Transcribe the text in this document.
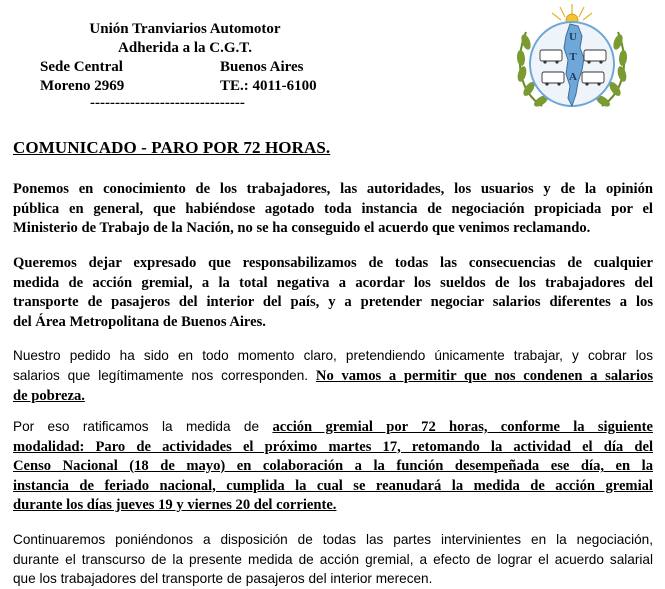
Unión Tranviarios Automotor
Adherida a la C.G.T.
Sede Central	Buenos Aires
Moreno 2969	TE.: 4011-6100
-------------------------------
U
T
A
COMUNICADO - PARO POR 72 HORAS.
Ponemos en conocimiento de los trabajadores, las autoridades, los usuarios y de la opinión
pública en general, que habiéndose agotado toda instancia de negociación propiciada por el
Ministerio de Trabajo de la Nación, no se ha conseguido el acuerdo que venimos reclamando.
Queremos dejar expresado que responsabilizamos de todas las consecuencias de cualquier
medida de acción gremial, a la total negativa a acordar los sueldos de los trabajadores del
transporte de pasajeros del interior del país, y a pretender negociar salarios diferentes a los
del Área Metropolitana de Buenos Aires.
Nuestro pedido ha sido en todo momento claro, pretendiendo únicamente trabajar, y cobrar los
salarios que legítimamente nos corresponden. No vamos a permitir que nos condenen a salarios
de pobreza.
Por eso ratificamos la medida de acción gremial por 72 horas, conforme la siguiente
modalidad: Paro de actividades el próximo martes 17, retomando la actividad el día del
Censo Nacional (18 de mayo) en colaboración a la función desempeñada ese día, en la
instancia de feriado nacional, cumplida la cual se reanudará la medida de acción gremial
durante los días jueves 19 y viernes 20 del corriente.
Continuaremos poniéndonos a disposición de todas las partes intervinientes en la negociación,
durante el transcurso de la presente medida de acción gremial, a efecto de lograr el acuerdo salarial
que los trabajadores del transporte de pasajeros del interior merecen.
